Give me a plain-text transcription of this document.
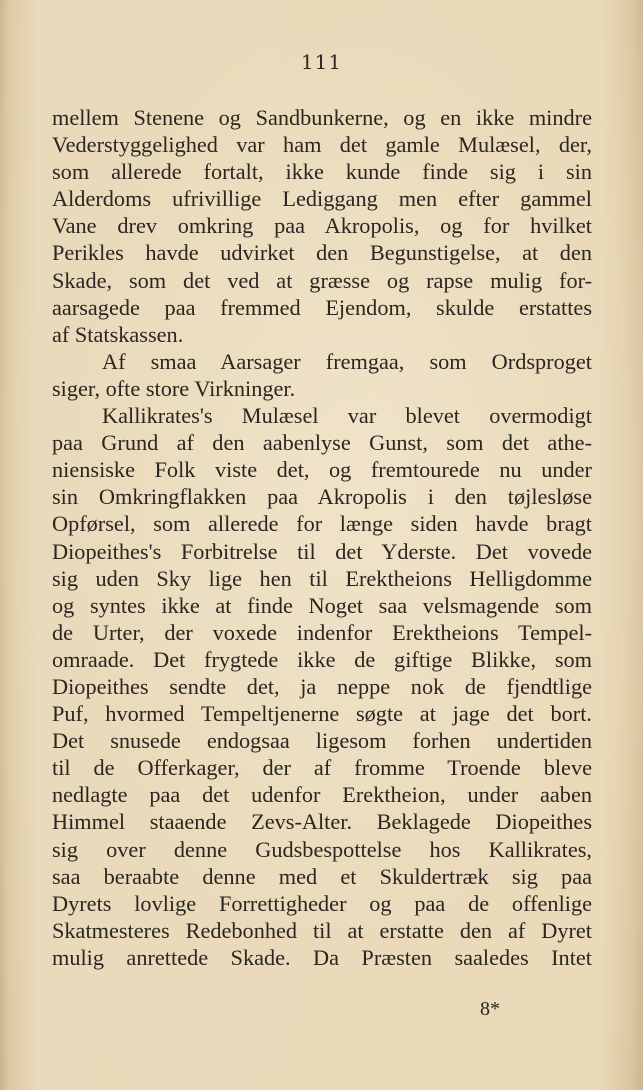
111
mellem Stenene og Sandbunkerne, og en ikke mindre
Vederstyggelighed var ham det gamle Mulæsel, der,
som allerede fortalt, ikke kunde finde sig i sin
Alderdoms ufrivillige Lediggang men efter gammel
Vane drev omkring paa Akropolis, og for hvilket
Perikles havde udvirket den Begunstigelse, at den
Skade, som det ved at græsse og rapse mulig for-
aarsagede paa fremmed Ejendom, skulde erstattes
af Statskassen.
Af smaa Aarsager fremgaa, som Ordsproget
siger, ofte store Virkninger.
Kallikrates's Mulæsel var blevet overmodigt
paa Grund af den aabenlyse Gunst, som det athe-
niensiske Folk viste det, og fremtourede nu under
sin Omkringflakken paa Akropolis i den tøjlesløse
Opførsel, som allerede for længe siden havde bragt
Diopeithes's Forbitrelse til det Yderste. Det vovede
sig uden Sky lige hen til Erektheions Helligdomme
og syntes ikke at finde Noget saa velsmagende som
de Urter, der voxede indenfor Erektheions Tempel-
omraade. Det frygtede ikke de giftige Blikke, som
Diopeithes sendte det, ja neppe nok de fjendtlige
Puf, hvormed Tempeltjenerne søgte at jage det bort.
Det snusede endogsaa ligesom forhen undertiden
til de Offerkager, der af fromme Troende bleve
nedlagte paa det udenfor Erektheion, under aaben
Himmel staaende Zevs-Alter. Beklagede Diopeithes
sig over denne Gudsbespottelse hos Kallikrates,
saa beraabte denne med et Skuldertræk sig paa
Dyrets lovlige Forrettigheder og paa de offenlige
Skatmesteres Redebonhed til at erstatte den af Dyret
mulig anrettede Skade. Da Præsten saaledes Intet
8*
